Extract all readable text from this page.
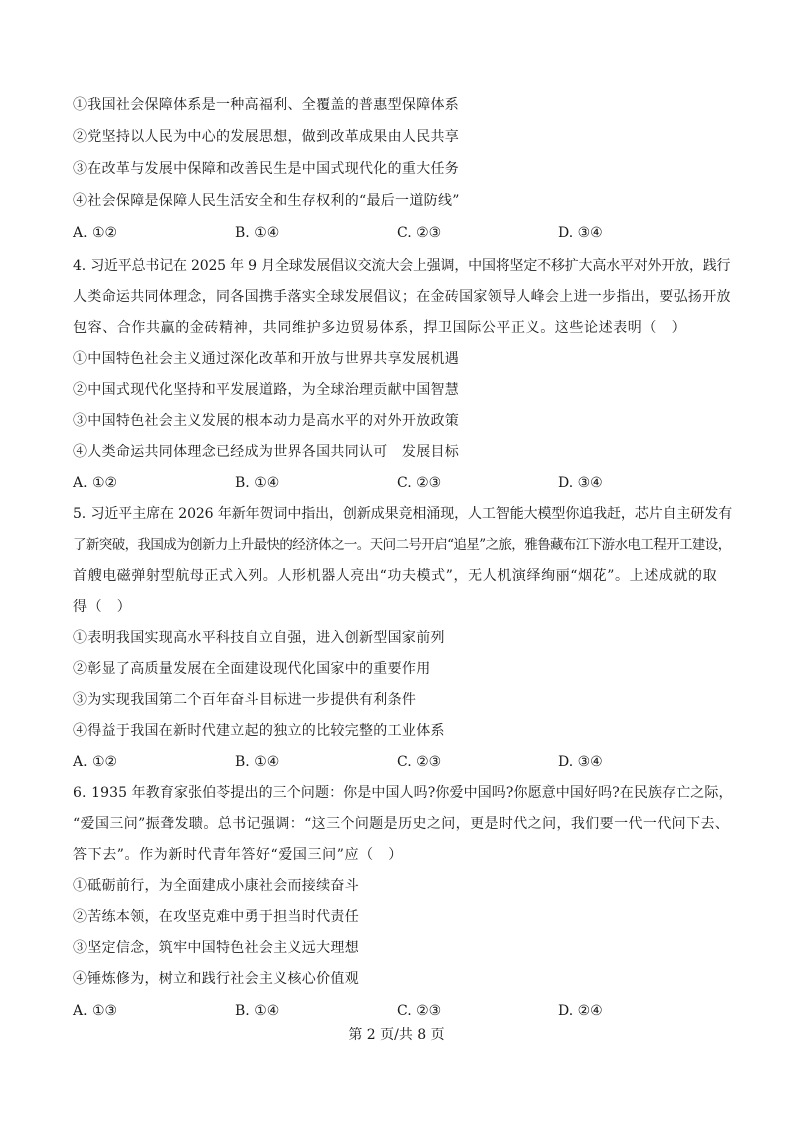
①我国社会保障体系是一种高福利、全覆盖的普惠型保障体系
②党坚持以人民为中心的发展思想，做到改革成果由人民共享
③在改革与发展中保障和改善民生是中国式现代化的重大任务
④社会保障是保障人民生活安全和生存权利的“最后一道防线”
A. ①②	B. ①④	C. ②③	D. ③④
4. 习近平总书记在 2025 年 9 月全球发展倡议交流大会上强调，中国将坚定不移扩大高水平对外开放，践行
人类命运共同体理念，同各国携手落实全球发展倡议；在金砖国家领导人峰会上进一步指出，要弘扬开放
包容、合作共赢的金砖精神，共同维护多边贸易体系，捍卫国际公平正义。这些论述表明（　）
①中国特色社会主义通过深化改革和开放与世界共享发展机遇
②中国式现代化坚持和平发展道路，为全球治理贡献中国智慧
③中国特色社会主义发展的根本动力是高水平的对外开放政策
④人类命运共同体理念已经成为世界各国共同认可　发展目标
A. ①②	B. ①④	C. ②③	D. ③④
5. 习近平主席在 2026 年新年贺词中指出，创新成果竞相涌现，人工智能大模型你追我赶，芯片自主研发有
了新突破，我国成为创新力上升最快的经济体之一。天问二号开启“追星”之旅，雅鲁藏布江下游水电工程开工建设，
首艘电磁弹射型航母正式入列。人形机器人亮出“功夫模式”，无人机演绎绚丽“烟花”。上述成就的取
得（　）
①表明我国实现高水平科技自立自强，进入创新型国家前列
②彰显了高质量发展在全面建设现代化国家中的重要作用
③为实现我国第二个百年奋斗目标进一步提供有利条件
④得益于我国在新时代建立起的独立的比较完整的工业体系
A. ①②	B. ①④	C. ②③	D. ③④
6. 1935 年教育家张伯苓提出的三个问题：你是中国人吗?你爱中国吗?你愿意中国好吗?在民族存亡之际，
“爱国三问”振聋发聩。总书记强调：“这三个问题是历史之问，更是时代之问，我们要一代一代问下去、
答下去”。作为新时代青年答好“爱国三问”应（　）
①砥砺前行，为全面建成小康社会而接续奋斗
②苦练本领，在攻坚克难中勇于担当时代责任
③坚定信念，筑牢中国特色社会主义远大理想
④锤炼修为，树立和践行社会主义核心价值观
A. ①③	B. ①④	C. ②③	D. ②④
第 2 页/共 8 页
